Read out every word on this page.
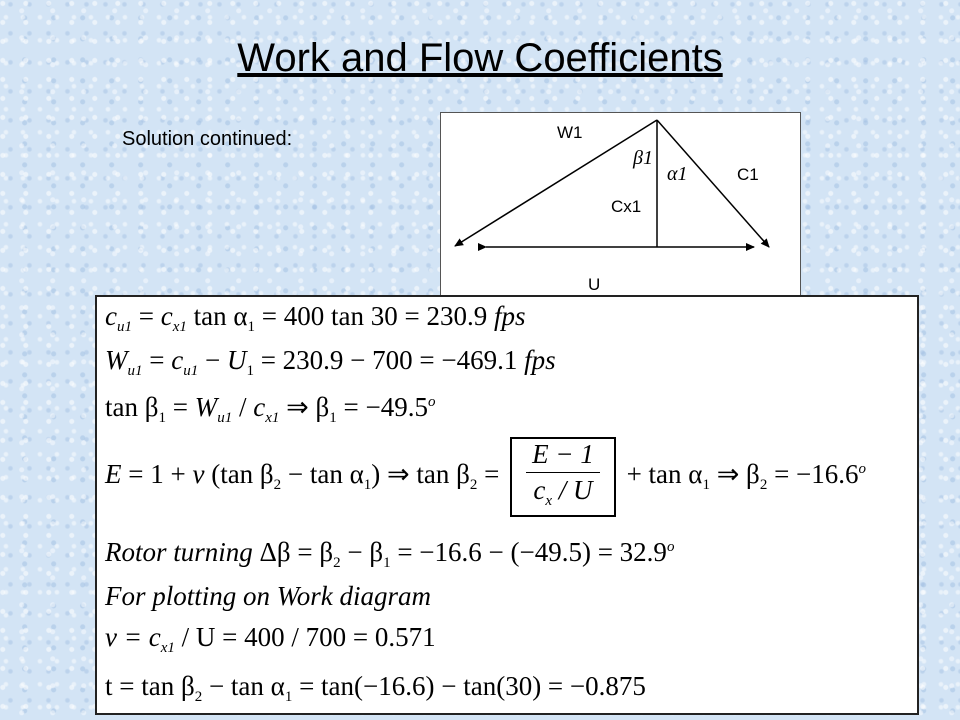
Work and Flow Coefficients
Solution continued:	W1
β1
α1	C1
Cx1
U
$c_{u1} = c_{x1}$ $\tan \alpha_1 = 400$ tan 30 = 230.9 fps
$W_{u1} = c_{u1} - U_1 = 230.9 - 700 = -469.1$ fps
$\tan \beta_1 = W_{u1} / c_{x1}$ ⇒ $\beta_1 = -49.5^o$
E = 1 + ν (tan $\beta_2 - \tan \alpha_1$) ⇒ $\tan \beta_2 = \frac{E - 1}{c_x / U} + \tan \alpha_1$ ⇒ $\beta_2 = -16.6^o$
Rotor turning $\Delta\beta = \beta_2 - \beta_1 = -16.6 - (-49.5) = 32.9^o$
For plotting on Work diagram
$\nu = c_{x1} / U = 400 / 700 = 0.571$
$t = \tan \beta_2 - \tan \alpha_1 = \tan(-16.6) - \tan(30) = -0.875$
